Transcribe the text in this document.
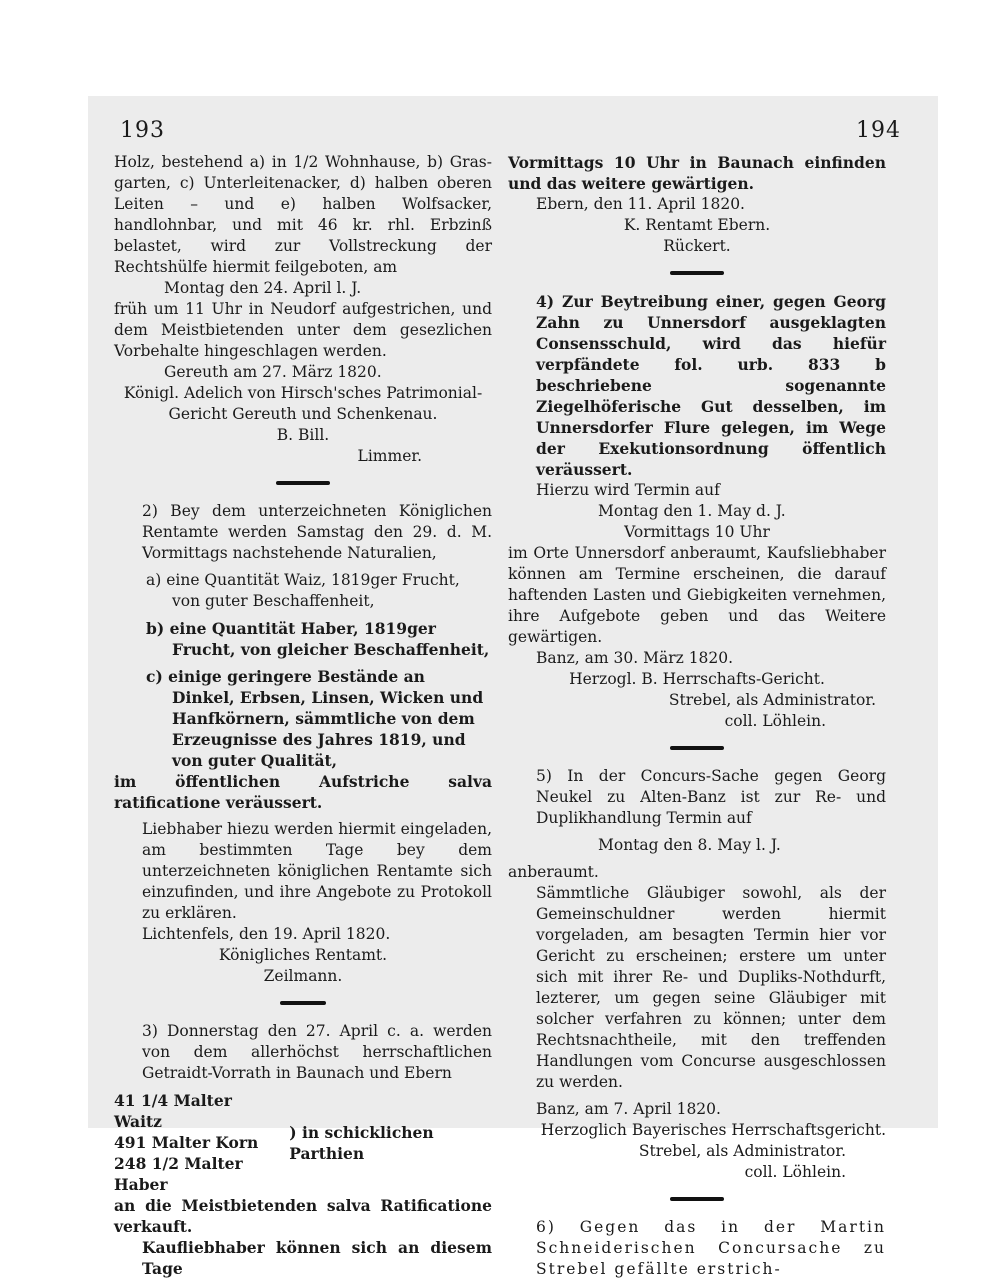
193	194

Holz, bestehend a) in 1/2 Wohnhause, b) Gras-garten, c) Unterleitenacker, d) halben oberen Leiten – und e) halben Wolfsacker, handlohnbar, und mit 46 kr. rhl. Erbzinß belastet, wird zur Vollstreckung der Rechtshülfe hiermit feilgeboten, am

Montag den 24. April l. J.

früh um 11 Uhr in Neudorf aufgestrichen, und dem Meistbietenden unter dem gesezlichen Vorbehalte hingeschlagen werden.

Gereuth am 27. März 1820.

Königl. Adelich von Hirsch'sches Patrimonial-Gericht Gereuth und Schenkenau.

B. Bill.

Limmer.

2) Bey dem unterzeichneten Königlichen Rentamte werden Samstag den 29. d. M. Vormittags nachstehende Naturalien,

a) eine Quantität Waiz, 1819ger Frucht, von guter Beschaffenheit,

b) eine Quantität Haber, 1819ger Frucht, von gleicher Beschaffenheit,

c) einige geringere Bestände an Dinkel, Erbsen, Linsen, Wicken und Hanfkörnern, sämmtliche von dem Erzeugnisse des Jahres 1819, und von guter Qualität,

im öffentlichen Aufstriche salva ratificatione veräussert.

Liebhaber hiezu werden hiermit eingeladen, am bestimmten Tage bey dem unterzeichneten königlichen Rentamte sich einzufinden, und ihre Angebote zu Protokoll zu erklären.

Lichtenfels, den 19. April 1820.

Königliches Rentamt.

Zeilmann.

3) Donnerstag den 27. April c. a. werden von dem allerhöchst herrschaftlichen Getraidt-Vorrath in Baunach und Ebern

41 1/4 Malter Waitz
491 Malter Korn
248 1/2 Malter Haber
) in schicklichen Parthien

an die Meistbietenden salva Ratificatione verkauft.

Kaufliebhaber können sich an diesem Tage

Vormittags 10 Uhr in Baunach einfinden und das weitere gewärtigen.

Ebern, den 11. April 1820.

K. Rentamt Ebern.

Rückert.

4) Zur Beytreibung einer, gegen Georg Zahn zu Unnersdorf ausgeklagten Consensschuld, wird das hiefür verpfändete fol. urb. 833 b beschriebene sogenannte Ziegelhöferische Gut desselben, im Unnersdorfer Flure gelegen, im Wege der Exekutionsordnung öffentlich veräussert.

Hierzu wird Termin auf

Montag den 1. May d. J.

Vormittags 10 Uhr

im Orte Unnersdorf anberaumt, Kaufsliebhaber können am Termine erscheinen, die darauf haftenden Lasten und Giebigkeiten vernehmen, ihre Aufgebote geben und das Weitere gewärtigen.

Banz, am 30. März 1820.

Herzogl. B. Herrschafts-Gericht.

Strebel, als Administrator.

coll. Löhlein.

5) In der Concurs-Sache gegen Georg Neukel zu Alten-Banz ist zur Re- und Duplikhandlung Termin auf

Montag den 8. May l. J.

anberaumt.

Sämmtliche Gläubiger sowohl, als der Gemeinschuldner werden hiermit vorgeladen, am besagten Termin hier vor Gericht zu erscheinen; erstere um unter sich mit ihrer Re- und Dupliks-Nothdurft, lezterer, um gegen seine Gläubiger mit solcher verfahren zu können; unter dem Rechtsnachtheile, mit den treffenden Handlungen vom Concurse ausgeschlossen zu werden.

Banz, am 7. April 1820.

Herzoglich Bayerisches Herrschaftsgericht.

Strebel, als Administrator.

coll. Löhlein.

6) Gegen das in der Martin Schneiderischen Concursache zu Strebel gefällte erstrich-
